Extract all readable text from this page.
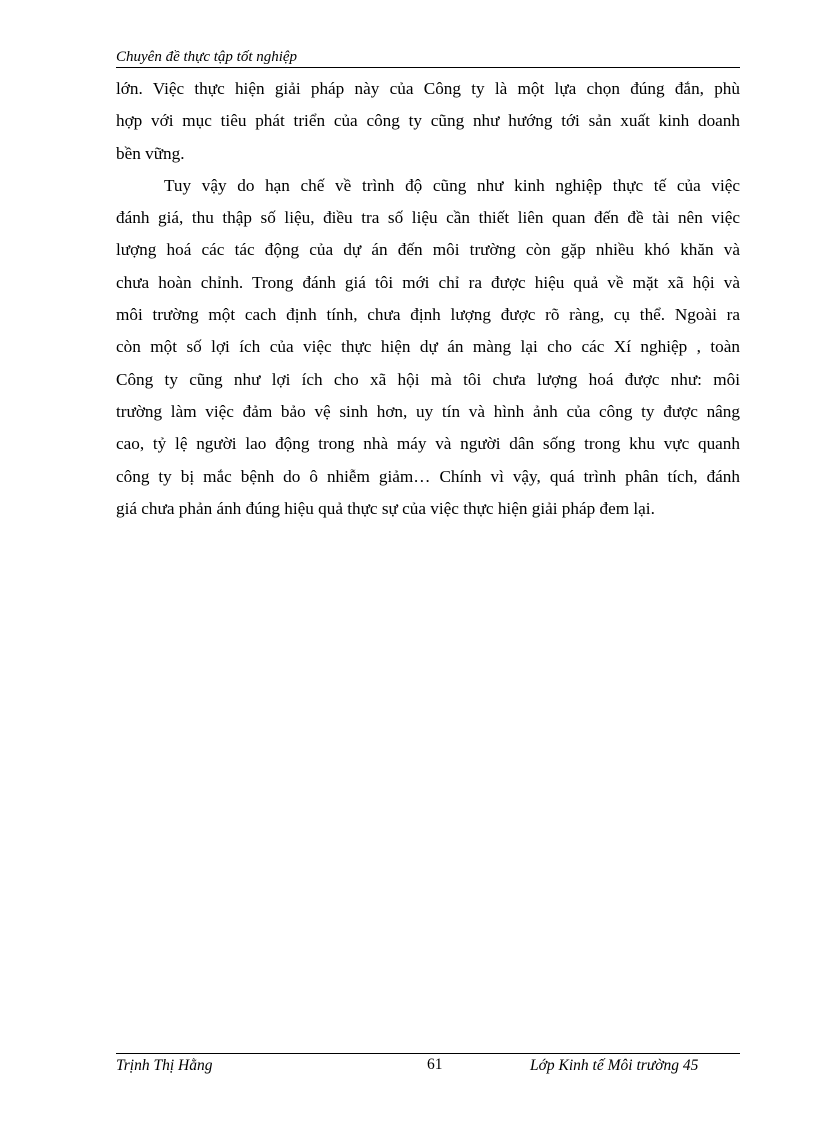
Chuyên đề thực tập tốt nghiệp
lớn. Việc thực hiện giải pháp này của Công ty là một lựa chọn đúng đắn, phù
hợp với mục tiêu phát triển của công ty cũng như hướng tới sản xuất kinh doanh
bền vững.
Tuy vậy do hạn chế về trình độ cũng như kinh nghiệp thực tế của việc
đánh giá, thu thập số liệu, điều tra số liệu cần thiết liên quan đến đề tài nên việc
lượng hoá các tác động của dự án đến môi trường còn gặp nhiều khó khăn và
chưa hoàn chỉnh. Trong đánh giá tôi mới chỉ ra được hiệu quả về mặt xã hội và
môi trường một cach định tính, chưa định lượng được rõ ràng, cụ thể. Ngoài ra
còn một số lợi ích của việc thực hiện dự án màng lại cho các Xí nghiệp , toàn
Công ty cũng như lợi ích cho xã hội mà tôi chưa lượng hoá được như: môi
trường làm việc đảm bảo vệ sinh hơn, uy tín và hình ảnh của công ty được nâng
cao, tỷ lệ người lao động trong nhà máy và người dân sống trong khu vực quanh
công ty bị mắc bệnh do ô nhiễm giảm… Chính vì vậy, quá trình phân tích, đánh
giá chưa phản ánh đúng hiệu quả thực sự của việc thực hiện giải pháp đem lại.
Trịnh Thị Hằng	61	Lớp Kinh tế Môi trường 45
